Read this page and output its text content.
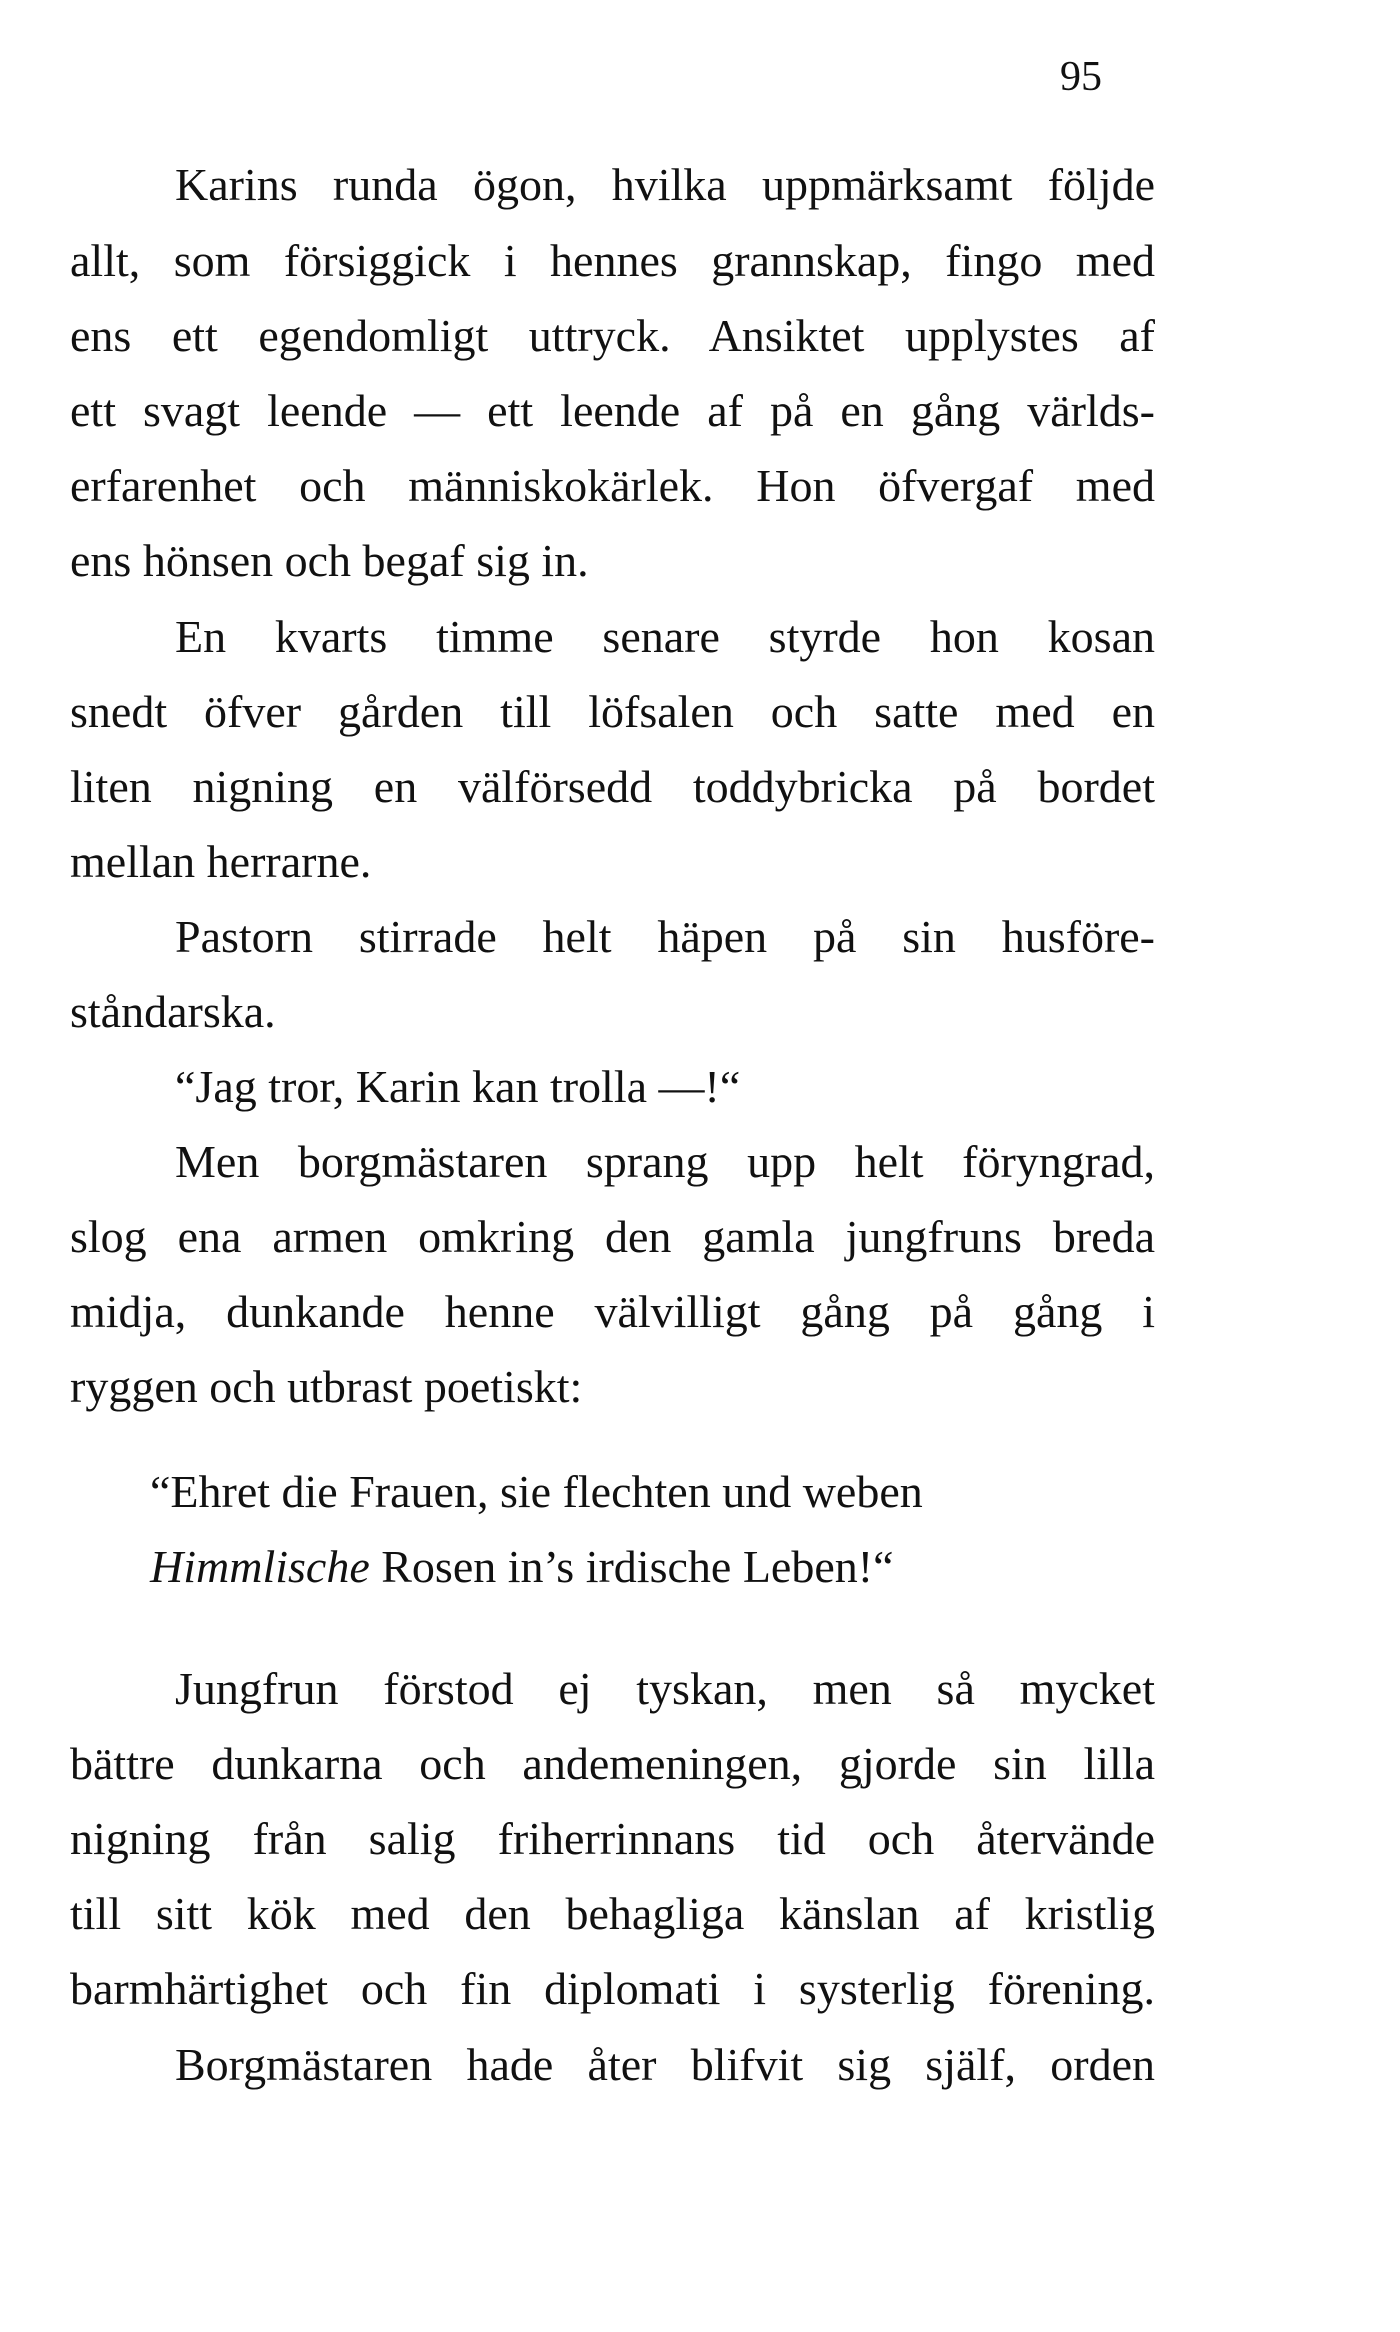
95
Karins runda ögon, hvilka uppmärksamt följde
allt, som försiggick i hennes grannskap, fingo med
ens ett egendomligt uttryck. Ansiktet upplystes af
ett svagt leende — ett leende af på en gång världs-
erfarenhet och människokärlek. Hon öfvergaf med
ens hönsen och begaf sig in.
En kvarts timme senare styrde hon kosan
snedt öfver gården till löfsalen och satte med en
liten nigning en välförsedd toddybricka på bordet
mellan herrarne.
Pastorn stirrade helt häpen på sin husföre-
ståndarska.
“Jag tror, Karin kan trolla —!“
Men borgmästaren sprang upp helt föryngrad,
slog ena armen omkring den gamla jungfruns breda
midja, dunkande henne välvilligt gång på gång i
ryggen och utbrast poetiskt:
“Ehret die Frauen, sie flechten und weben
Himmlische Rosen in’s irdische Leben!“
Jungfrun förstod ej tyskan, men så mycket
bättre dunkarna och andemeningen, gjorde sin lilla
nigning från salig friherrinnans tid och återvände
till sitt kök med den behagliga känslan af kristlig
barmhärtighet och fin diplomati i systerlig förening.
Borgmästaren hade åter blifvit sig själf, orden
